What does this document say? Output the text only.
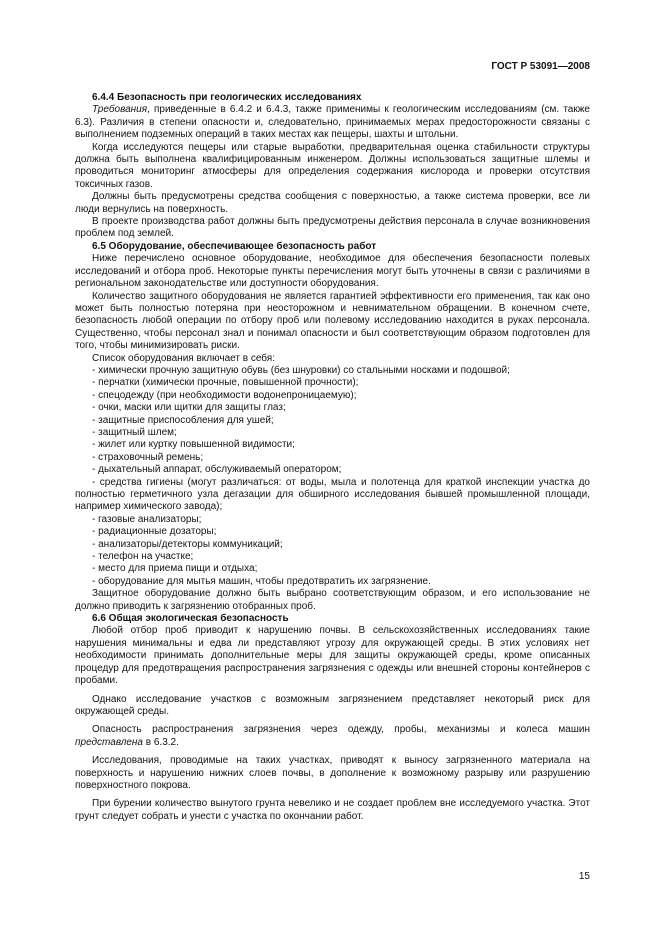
ГОСТ Р 53091—2008
6.4.4 Безопасность при геологических исследованиях
Требования, приведенные в 6.4.2 и 6.4.3, также применимы к геологическим исследованиям (см. также 6.3). Различия в степени опасности и, следовательно, принимаемых мерах предосторожности связаны с выполнением подземных операций в таких местах как пещеры, шахты и штольни.
Когда исследуются пещеры или старые выработки, предварительная оценка стабильности структуры должна быть выполнена квалифицированным инженером. Должны использоваться защитные шлемы и проводиться мониторинг атмосферы для определения содержания кислорода и проверки отсутствия токсичных газов.
Должны быть предусмотрены средства сообщения с поверхностью, а также система проверки, все ли люди вернулись на поверхность.
В проекте производства работ должны быть предусмотрены действия персонала в случае возникновения проблем под землей.
6.5 Оборудование, обеспечивающее безопасность работ
Ниже перечислено основное оборудование, необходимое для обеспечения безопасности полевых исследований и отбора проб. Некоторые пункты перечисления могут быть уточнены в связи с различиями в региональном законодательстве или доступности оборудования.
Количество защитного оборудования не является гарантией эффективности его применения, так как оно может быть полностью потеряна при неосторожном и невнимательном обращении. В конечном счете, безопасность любой операции по отбору проб или полевому исследованию находится в руках персонала. Существенно, чтобы персонал знал и понимал опасности и был соответствующим образом подготовлен для того, чтобы минимизировать риски.
Список оборудования включает в себя:
- химически прочную защитную обувь (без шнуровки) со стальными носками и подошвой;
- перчатки (химически прочные, повышенной прочности);
- спецодежду (при необходимости водонепроницаемую);
- очки, маски или щитки для защиты глаз;
- защитные приспособления для ушей;
- защитный шлем;
- жилет или куртку повышенной видимости;
- страховочный ремень;
- дыхательный аппарат, обслуживаемый оператором;
- средства гигиены (могут различаться: от воды, мыла и полотенца для краткой инспекции участка до полностью герметичного узла дегазации для обширного исследования бывшей промышленной площади, например химического завода);
- газовые анализаторы;
- радиационные дозаторы;
- анализаторы/детекторы коммуникаций;
- телефон на участке;
- место для приема пищи и отдыха;
- оборудование для мытья машин, чтобы предотвратить их загрязнение.
Защитное оборудование должно быть выбрано соответствующим образом, и его использование не должно приводить к загрязнению отобранных проб.
6.6 Общая экологическая безопасность
Любой отбор проб приводит к нарушению почвы. В сельскохозяйственных исследованиях такие нарушения минимальны и едва ли представляют угрозу для окружающей среды. В этих условиях нет необходимости принимать дополнительные меры для защиты окружающей среды, кроме описанных процедур для предотвращения распространения загрязнения с одежды или внешней стороны контейнеров с пробами.
Однако исследование участков с возможным загрязнением представляет некоторый риск для окружающей среды.
Опасность распространения загрязнения через одежду, пробы, механизмы и колеса машин представлена в 6.3.2.
Исследования, проводимые на таких участках, приводят к выносу загрязненного материала на поверхность и нарушению нижних слоев почвы, в дополнение к возможному разрыву или разрушению поверхностного покрова.
При бурении количество вынутого грунта невелико и не создает проблем вне исследуемого участка. Этот грунт следует собрать и унести с участка по окончании работ.
15
